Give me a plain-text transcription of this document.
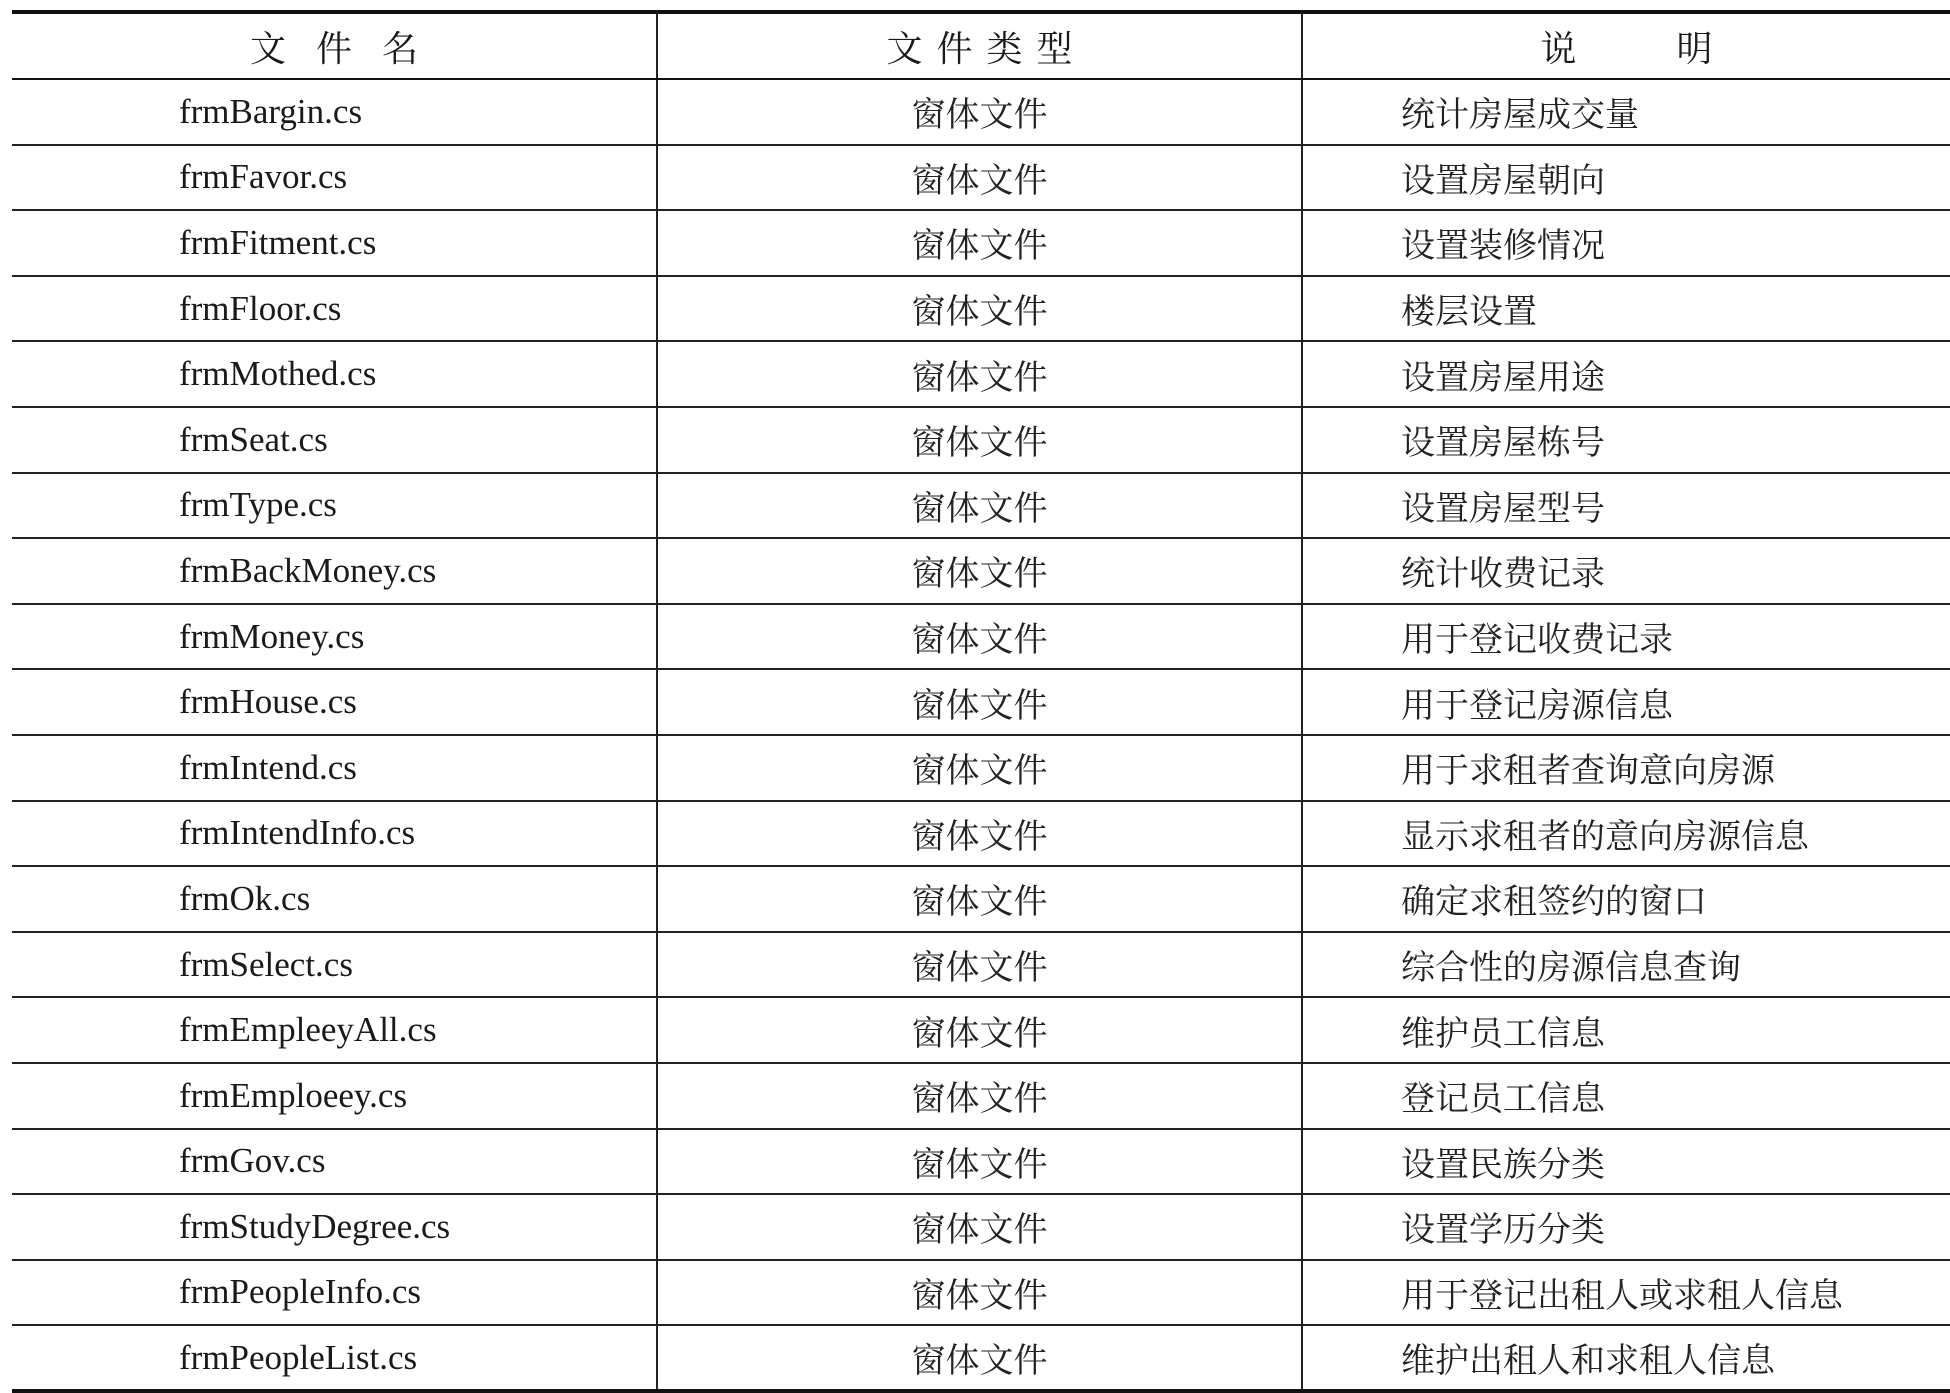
文件名	文件类型	说明
frmBargin.cs	窗体文件	统计房屋成交量
frmFavor.cs	窗体文件	设置房屋朝向
frmFitment.cs	窗体文件	设置装修情况
frmFloor.cs	窗体文件	楼层设置
frmMothed.cs	窗体文件	设置房屋用途
frmSeat.cs	窗体文件	设置房屋栋号
frmType.cs	窗体文件	设置房屋型号
frmBackMoney.cs	窗体文件	统计收费记录
frmMoney.cs	窗体文件	用于登记收费记录
frmHouse.cs	窗体文件	用于登记房源信息
frmIntend.cs	窗体文件	用于求租者查询意向房源
frmIntendInfo.cs	窗体文件	显示求租者的意向房源信息
frmOk.cs	窗体文件	确定求租签约的窗口
frmSelect.cs	窗体文件	综合性的房源信息查询
frmEmpleeyAll.cs	窗体文件	维护员工信息
frmEmploeey.cs	窗体文件	登记员工信息
frmGov.cs	窗体文件	设置民族分类
frmStudyDegree.cs	窗体文件	设置学历分类
frmPeopleInfo.cs	窗体文件	用于登记出租人或求租人信息
frmPeopleList.cs	窗体文件	维护出租人和求租人信息
